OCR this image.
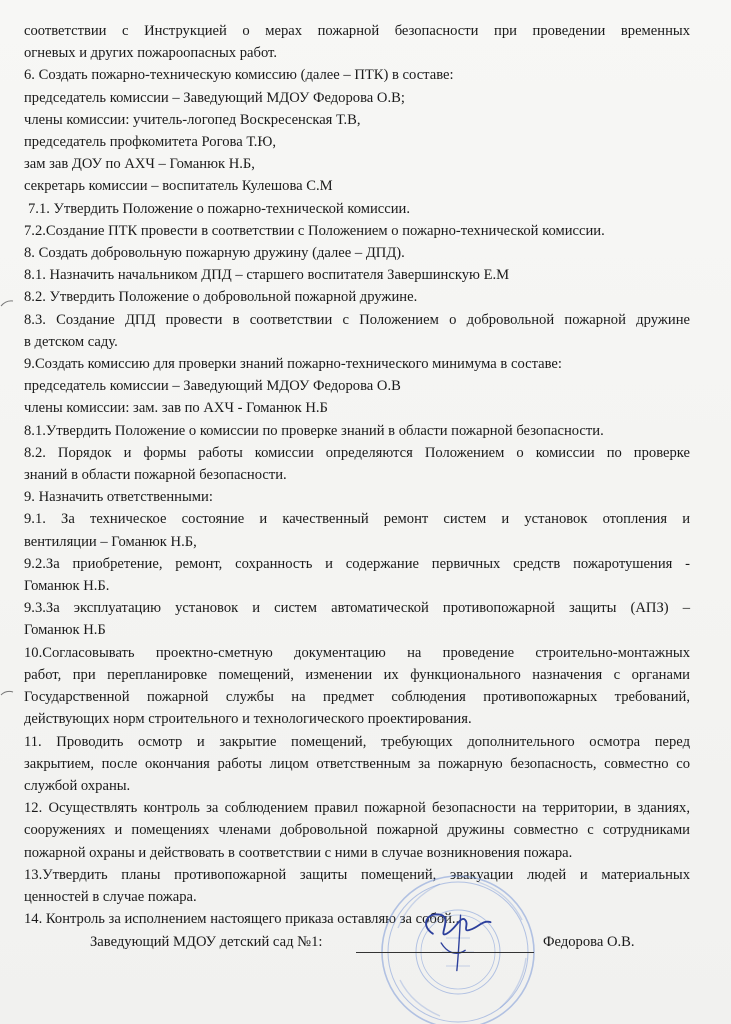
соответствии с Инструкцией о мерах пожарной безопасности при проведении временных
огневых и других пожароопасных работ.
6. Создать пожарно-техническую комиссию (далее – ПТК) в составе:
председатель комиссии – Заведующий МДОУ Федорова О.В;
члены комиссии: учитель-логопед Воскресенская Т.В,
председатель профкомитета Рогова Т.Ю,
зам зав ДОУ по АХЧ – Гоманюк Н.Б,
секретарь комиссии – воспитатель Кулешова С.М
7.1. Утвердить Положение о пожарно-технической комиссии.
7.2.Создание ПТК провести в соответствии с Положением о пожарно-технической комиссии.
8. Создать добровольную пожарную дружину (далее – ДПД).
8.1. Назначить начальником ДПД – старшего воспитателя Завершинскую Е.М
8.2. Утвердить Положение о добровольной пожарной дружине.
8.3. Создание ДПД провести в соответствии с Положением о добровольной пожарной дружине
в детском саду.
9.Создать комиссию для проверки знаний пожарно-технического минимума в составе:
председатель комиссии – Заведующий МДОУ Федорова О.В
члены комиссии: зам. зав по АХЧ - Гоманюк Н.Б
8.1.Утвердить Положение о комиссии по проверке знаний в области пожарной безопасности.
8.2. Порядок и формы работы комиссии определяются Положением о комиссии по проверке
знаний в области пожарной безопасности.
9. Назначить ответственными:
9.1. За техническое состояние и качественный ремонт систем и установок отопления и
вентиляции – Гоманюк Н.Б,
9.2.За приобретение, ремонт, сохранность и содержание первичных средств пожаротушения -
Гоманюк Н.Б.
9.3.За эксплуатацию установок и систем автоматической противопожарной защиты (АПЗ) –
Гоманюк Н.Б
10.Согласовывать проектно-сметную документацию на проведение строительно-монтажных
работ, при перепланировке помещений, изменении их функционального назначения с органами
Государственной пожарной службы на предмет соблюдения противопожарных требований,
действующих норм строительного и технологического проектирования.
11. Проводить осмотр и закрытие помещений, требующих дополнительного осмотра перед
закрытием, после окончания работы лицом ответственным за пожарную безопасность, совместно со
службой охраны.
12. Осуществлять контроль за соблюдением правил пожарной безопасности на территории, в зданиях,
сооружениях и помещениях членами добровольной пожарной дружины совместно с сотрудниками
пожарной охраны и действовать в соответствии с ними в случае возникновения пожара.
13.Утвердить планы противопожарной защиты помещений, эвакуации людей и материальных
ценностей в случае пожара.
14. Контроль за исполнением настоящего приказа оставляю за собой..
Заведующий МДОУ детский сад №1:	Федорова О.В.
